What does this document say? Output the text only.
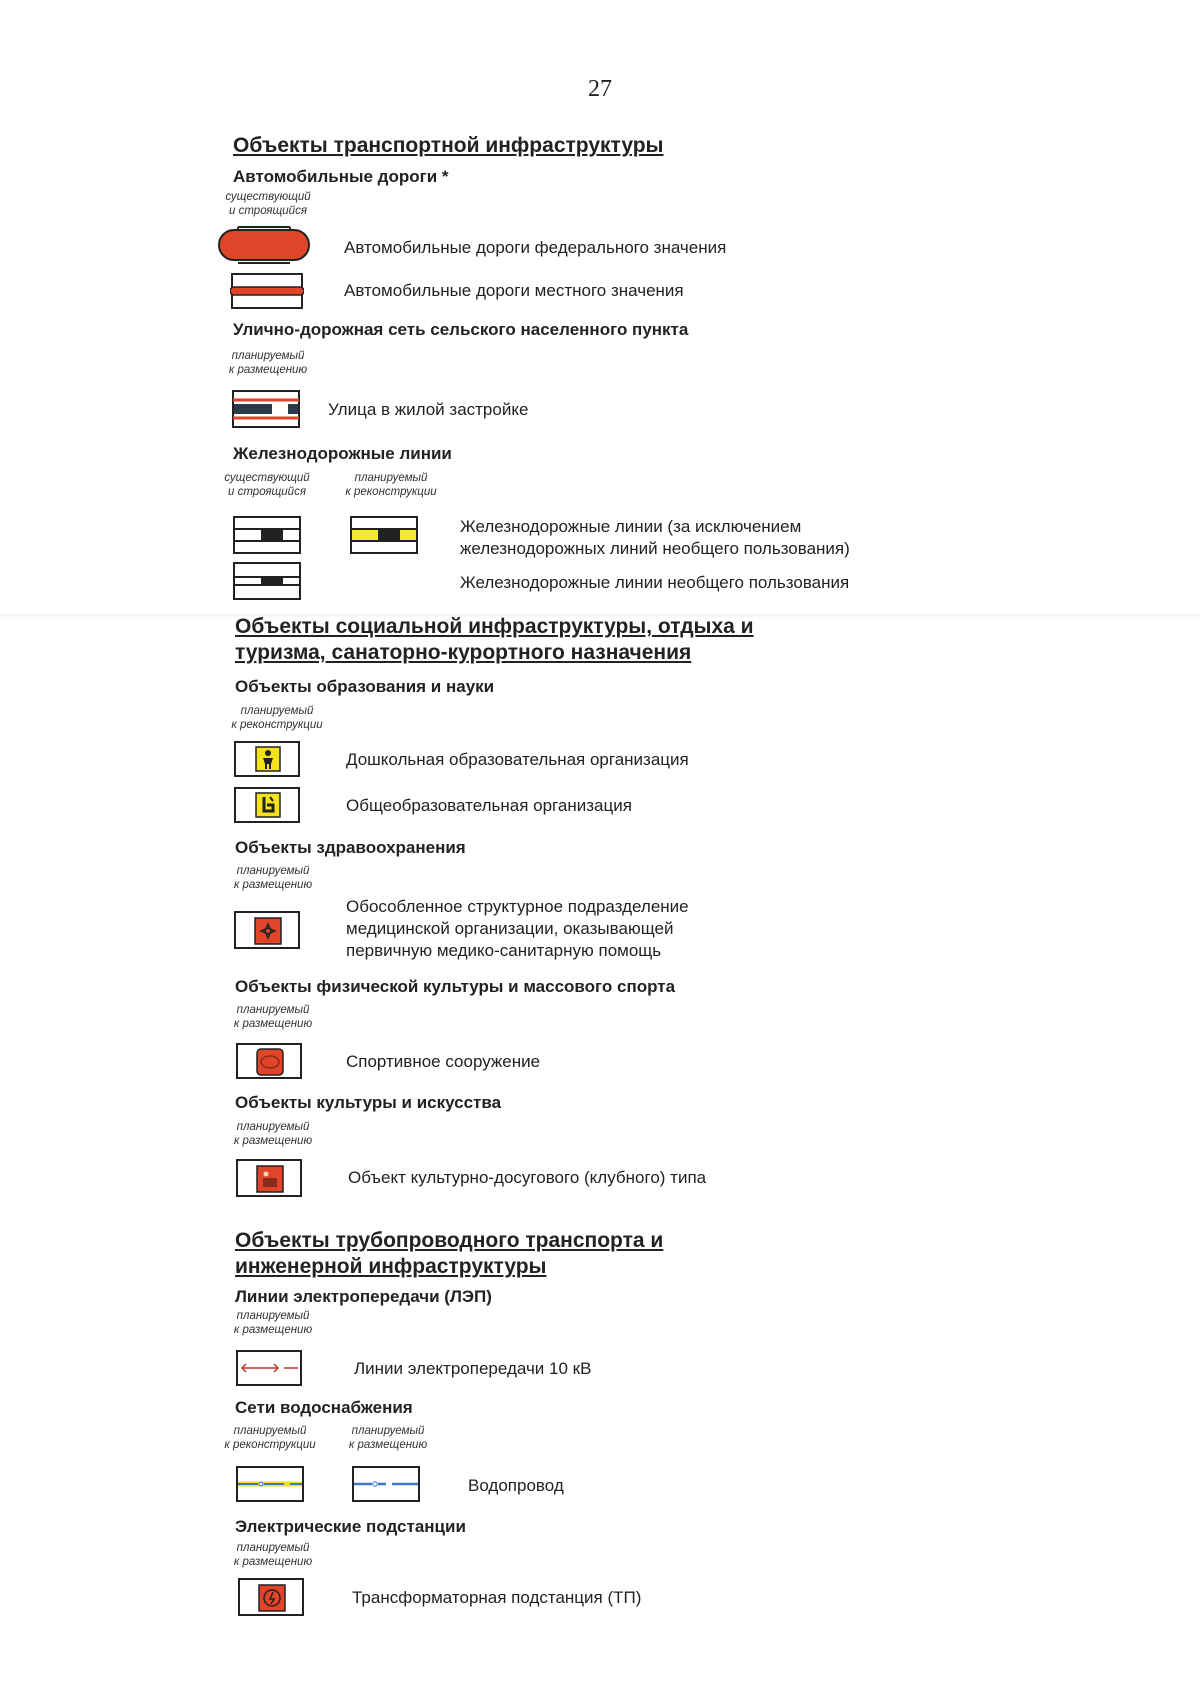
27
Объекты транспортной инфраструктуры
Автомобильные дороги *
существующий
и строящийся
Автомобильные дороги федерального значения
Автомобильные дороги местного значения
Улично-дорожная сеть сельского населенного пункта
планируемый
к размещению
Улица в жилой застройке
Железнодорожные линии
существующий
и строящийся
планируемый
к реконструкции
Железнодорожные линии (за исключением
железнодорожных линий необщего пользования)
Железнодорожные линии необщего пользования
Объекты социальной инфраструктуры, отдыха и
туризма, санаторно-курортного назначения
Объекты образования и науки
планируемый
к реконструкции
Дошкольная образовательная организация
Общеобразовательная организация
Объекты здравоохранения
планируемый
к размещению
Обособленное структурное подразделение
медицинской организации, оказывающей
первичную медико-санитарную помощь
Объекты физической культуры и массового спорта
планируемый
к размещению
Спортивное сооружение
Объекты культуры и искусства
планируемый
к размещению
Объект культурно-досугового (клубного) типа
Объекты трубопроводного транспорта и
инженерной инфраструктуры
Линии электропередачи (ЛЭП)
планируемый
к размещению
Линии электропередачи 10 кВ
Сети водоснабжения
планируемый
к реконструкции
планируемый
к размещению
Водопровод
Электрические подстанции
планируемый
к размещению
Трансформаторная подстанция (ТП)
